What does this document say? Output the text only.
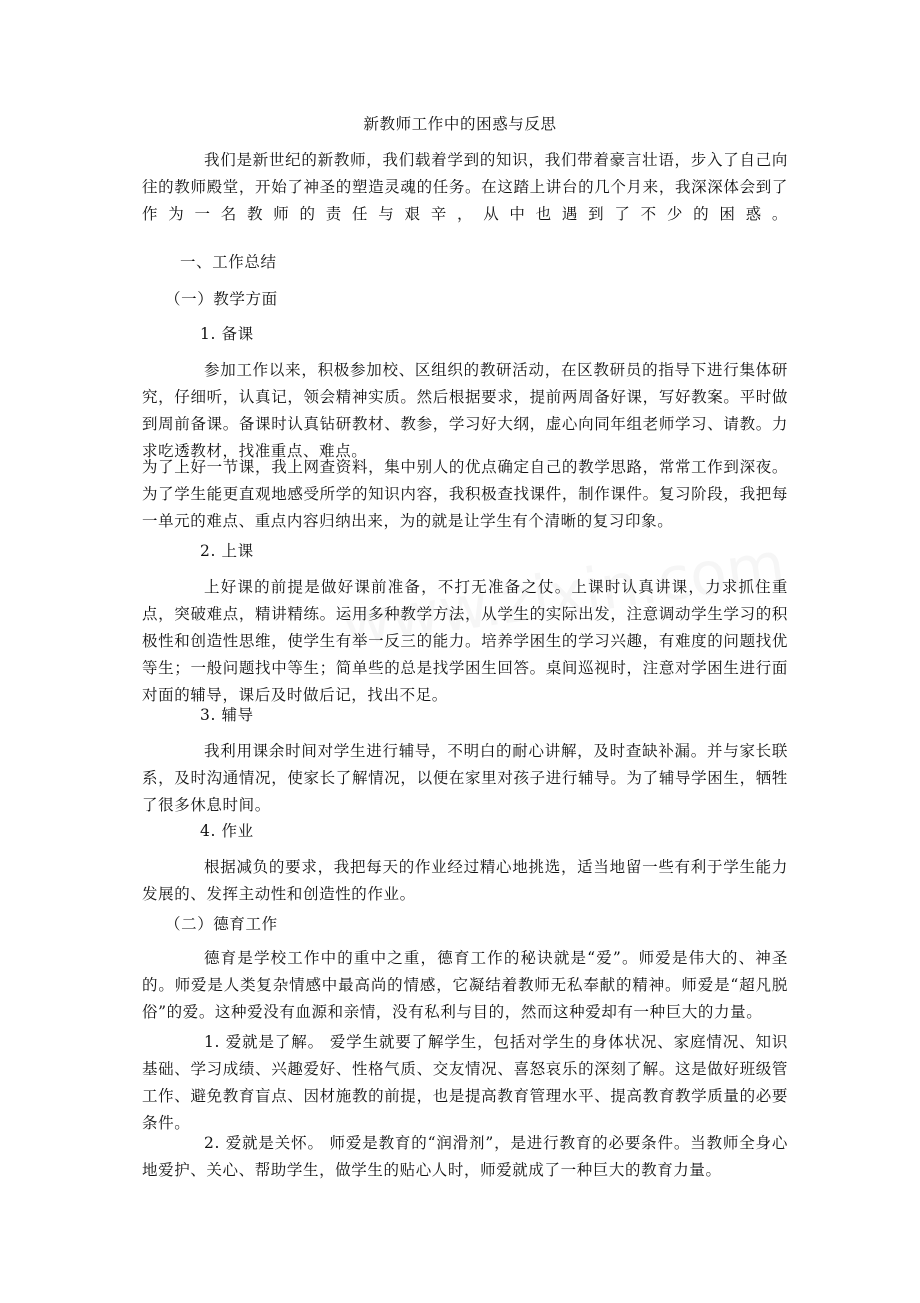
新教师工作中的困惑与反思

我们是新世纪的新教师，我们载着学到的知识，我们带着豪言壮语，步入了自己向往的教师殿堂，开始了神圣的塑造灵魂的任务。在这踏上讲台的几个月来，我深深体会到了作为一名教师的责任与艰辛，从中也遇到了不少的困惑。

一、工作总结

（一）教学方面

1. 备课

参加工作以来，积极参加校、区组织的教研活动，在区教研员的指导下进行集体研究，仔细听，认真记，领会精神实质。然后根据要求，提前两周备好课，写好教案。平时做到周前备课。备课时认真钻研教材、教参，学习好大纲，虚心向同年组老师学习、请教。力求吃透教材，找准重点、难点。

为了上好一节课，我上网查资料，集中别人的优点确定自己的教学思路，常常工作到深夜。为了学生能更直观地感受所学的知识内容，我积极查找课件，制作课件。复习阶段，我把每一单元的难点、重点内容归纳出来，为的就是让学生有个清晰的复习印象。

2. 上课

上好课的前提是做好课前准备，不打无准备之仗。上课时认真讲课，力求抓住重点，突破难点，精讲精练。运用多种教学方法，从学生的实际出发，注意调动学生学习的积极性和创造性思维，使学生有举一反三的能力。培养学困生的学习兴趣，有难度的问题找优等生；一般问题找中等生；简单些的总是找学困生回答。桌间巡视时，注意对学困生进行面对面的辅导，课后及时做后记，找出不足。

3. 辅导

我利用课余时间对学生进行辅导，不明白的耐心讲解，及时查缺补漏。并与家长联系，及时沟通情况，使家长了解情况，以便在家里对孩子进行辅导。为了辅导学困生，牺牲了很多休息时间。

4. 作业

根据减负的要求，我把每天的作业经过精心地挑选，适当地留一些有利于学生能力发展的、发挥主动性和创造性的作业。

（二）德育工作

德育是学校工作中的重中之重，德育工作的秘诀就是“爱”。师爱是伟大的、神圣的。师爱是人类复杂情感中最高尚的情感，它凝结着教师无私奉献的精神。师爱是“超凡脱俗”的爱。这种爱没有血源和亲情，没有私利与目的，然而这种爱却有一种巨大的力量。

1. 爱就是了解。 爱学生就要了解学生，包括对学生的身体状况、家庭情况、知识基础、学习成绩、兴趣爱好、性格气质、交友情况、喜怒哀乐的深刻了解。这是做好班级管工作、避免教育盲点、因材施教的前提，也是提高教育管理水平、提高教育教学质量的必要条件。

2. 爱就是关怀。 师爱是教育的“润滑剂”，是进行教育的必要条件。当教师全身心地爱护、关心、帮助学生，做学生的贴心人时，师爱就成了一种巨大的教育力量。
